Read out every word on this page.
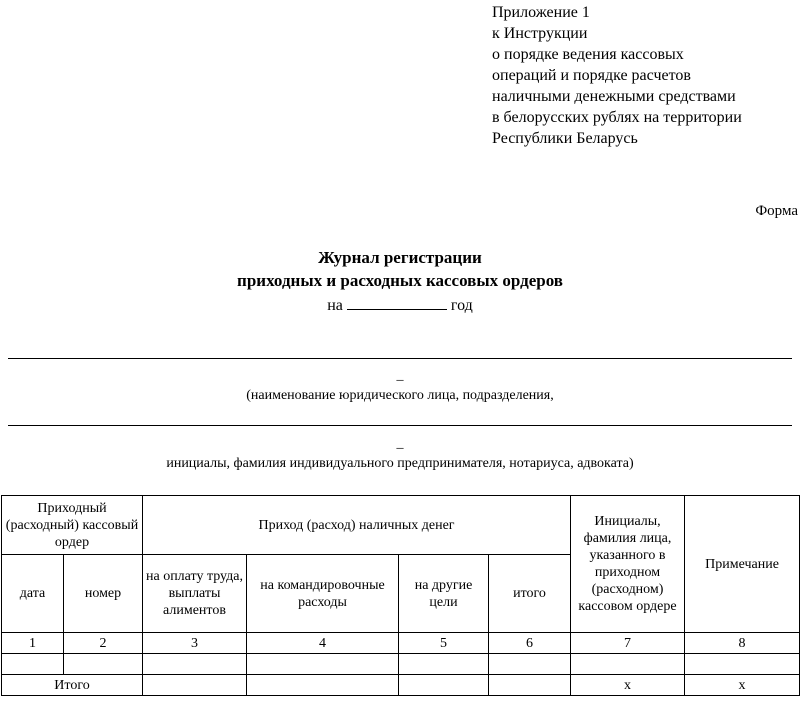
Приложение 1
к Инструкции
о порядке ведения кассовых
операций и порядке расчетов
наличными денежными средствами
в белорусских рублях на территории
Республики Беларусь
Форма
Журнал регистрации
приходных и расходных кассовых ордеров
на	год
_
(наименование юридического лица, подразделения,
_
инициалы, фамилия индивидуального предпринимателя, нотариуса, адвоката)
Приходный (расходный) кассовый ордер		Приход (расход) наличных денег				Инициалы, фамилия лица, указанного в приходном (расходном) кассовом ордере	Примечание
дата	номер	на оплату труда, выплаты алиментов	на командировочные расходы	на другие цели	итого		
1	2	3	4	5	6	7	8

Итого						x	x
